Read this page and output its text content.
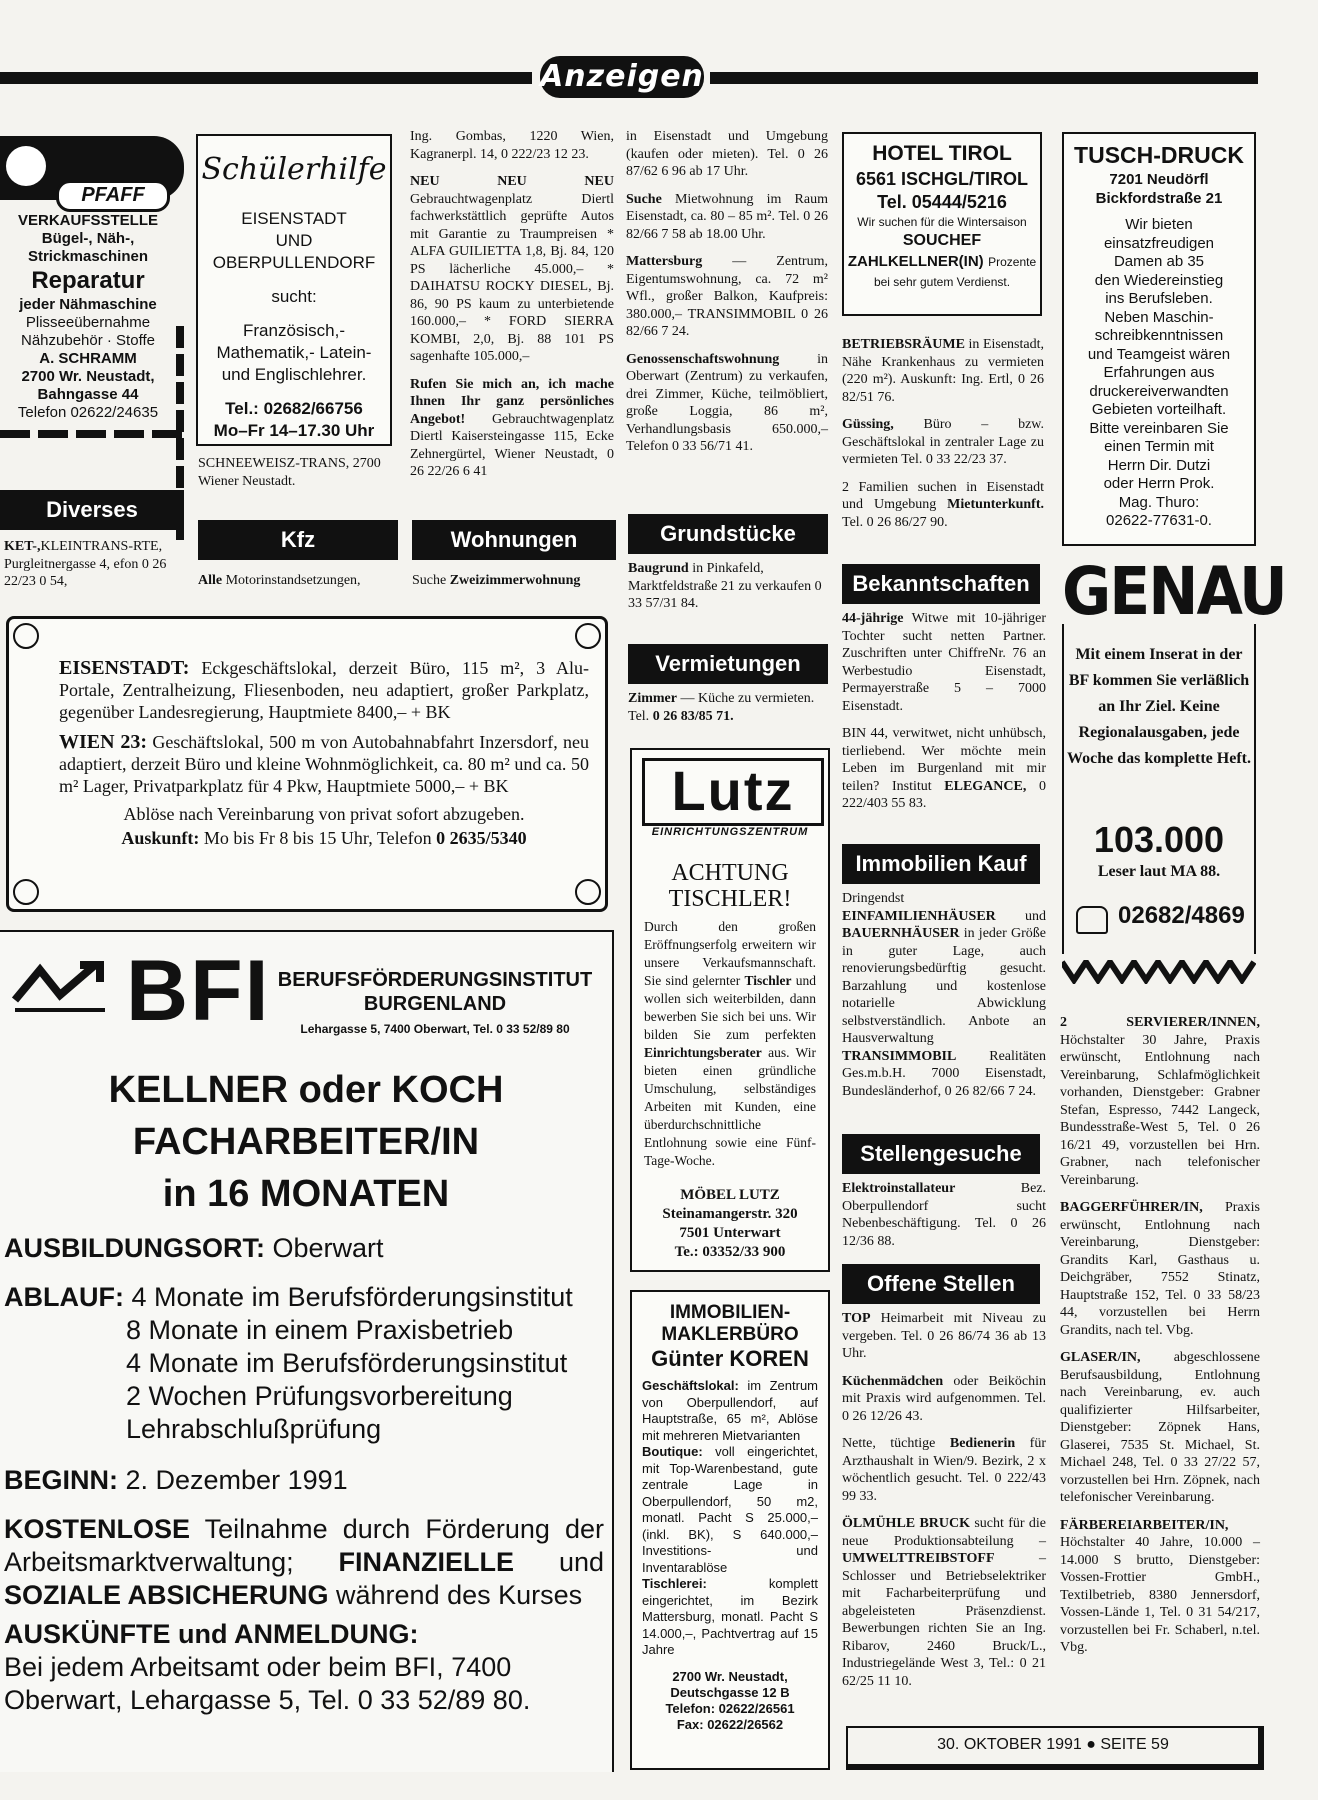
Anzeigen
PFAFF
VERKAUFSSTELLE
Bügel-, Näh-,
Strickmaschinen
Reparatur
jeder Nähmaschine
Plisseeübernahme
Nähzubehör · Stoffe
A. SCHRAMM
2700 Wr. Neustadt,
Bahngasse 44
Telefon 02622/24635
Schülerhilfe
EISENSTADT
UND
OBERPULLENDORF
sucht:
Französisch,-
Mathematik,- Latein-
und Englischlehrer.
Tel.: 02682/66756
Mo–Fr 14–17.30 Uhr
SCHNEEWEISZ-TRANS, 2700 Wiener Neustadt.

Ing. Gombas, 1220 Wien, Kagranerpl. 14, 0 222/23 12 23.

NEU NEU NEU Gebrauchtwagenplatz Diertl fachwerkstättlich geprüfte Autos mit Garantie zu Traumpreisen * ALFA GUILIETTA 1,8, Bj. 84, 120 PS lächerliche 45.000,– * DAIHATSU ROCKY DIESEL, Bj. 86, 90 PS kaum zu unterbietende 160.000,– * FORD SIERRA KOMBI, 2,0, Bj. 88 101 PS sagenhafte 105.000,–

Rufen Sie mich an, ich mache Ihnen Ihr ganz persönliches Angebot! Gebrauchtwagenplatz Diertl Kaisersteingasse 115, Ecke Zehnergürtel, Wiener Neustadt, 0 26 22/26 6 41

in Eisenstadt und Umgebung (kaufen oder mieten). Tel. 0 26 87/62 6 96 ab 17 Uhr.

Suche Mietwohnung im Raum Eisenstadt, ca. 80 – 85 m². Tel. 0 26 82/66 7 58 ab 18.00 Uhr.

Mattersburg — Zentrum, Eigentumswohnung, ca. 72 m² Wfl., großer Balkon, Kaufpreis: 380.000,– TRANSIMMOBIL 0 26 82/66 7 24.

Genossenschaftswohnung in Oberwart (Zentrum) zu verkaufen, drei Zimmer, Küche, teilmöbliert, große Loggia, 86 m², Verhandlungsbasis 650.000,– Telefon 0 33 56/71 41.

HOTEL TIROL
6561 ISCHGL/TIROL
Tel. 05444/5216
Wir suchen für die Wintersaison
SOUCHEF
ZAHLKELLNER(IN) Prozente bei sehr gutem Verdienst.

BETRIEBSRÄUME in Eisenstadt, Nähe Krankenhaus zu vermieten (220 m²). Auskunft: Ing. Ertl, 0 26 82/51 76.

Güssing, Büro – bzw. Geschäftslokal in zentraler Lage zu vermieten Tel. 0 33 22/23 37.

2 Familien suchen in Eisenstadt und Umgebung Mietunterkunft. Tel. 0 26 86/27 90.

TUSCH-DRUCK
7201 Neudörfl
Bickfordstraße 21
Wir bieten
einsatzfreudigen
Damen ab 35
den Wiedereinstieg
ins Berufsleben.
Neben Maschin-
schreibkenntnissen
und Teamgeist wären
Erfahrungen aus
druckereiverwandten
Gebieten vorteilhaft.
Bitte vereinbaren Sie
einen Termin mit
Herrn Dir. Dutzi
oder Herrn Prok.
Mag. Thuro:
02622-77631-0.
Diverses
KET-,KLEINTRANS-RTE, Purgleitnergasse 4, efon 0 26 22/23 0 54,
Kfz
Alle Motorinstandsetzungen,
Wohnungen
Suche Zweizimmerwohnung
Grundstücke
Baugrund in Pinkafeld, Marktfeldstraße 21 zu verkaufen 0 33 57/31 84.
Vermietungen
Zimmer — Küche zu vermieten. Tel. 0 26 83/85 71.
Bekanntschaften

44-jährige Witwe mit 10-jähriger Tochter sucht netten Partner. Zuschriften unter ChiffreNr. 76 an Werbestudio Eisenstadt, Permayerstraße 5 – 7000 Eisenstadt.

BIN 44, verwitwet, nicht unhübsch, tierliebend. Wer möchte mein Leben im Burgenland mit mir teilen? Institut ELEGANCE, 0 222/403 55 83.

GENAU
Mit einem Inserat in der BF kommen Sie verläßlich an Ihr Ziel. Keine Regionalausgaben, jede Woche das komplette Heft.
103.000
Leser laut MA 88.
02682/4869
EISENSTADT: Eckgeschäftslokal, derzeit Büro, 115 m², 3 Alu-Portale, Zentralheizung, Fliesenboden, neu adaptiert, großer Parkplatz, gegenüber Landesregierung, Hauptmiete 8400,– + BK
WIEN 23: Geschäftslokal, 500 m von Autobahnabfahrt Inzersdorf, neu adaptiert, derzeit Büro und kleine Wohnmöglichkeit, ca. 80 m² und ca. 50 m² Lager, Privatparkplatz für 4 Pkw, Hauptmiete 5000,– + BK
Ablöse nach Vereinbarung von privat sofort abzugeben.
Auskunft: Mo bis Fr 8 bis 15 Uhr, Telefon 0 2635/5340
BFI BERUFSFÖRDERUNGSINSTITUT
BURGENLAND
Lehargasse 5, 7400 Oberwart, Tel. 0 33 52/89 80
KELLNER oder KOCH
FACHARBEITER/IN
in 16 MONATEN
AUSBILDUNGSORT: Oberwart
ABLAUF: 4 Monate im Berufsförderungsinstitut
8 Monate in einem Praxisbetrieb
4 Monate im Berufsförderungsinstitut
2 Wochen Prüfungsvorbereitung
Lehrabschlußprüfung
BEGINN: 2. Dezember 1991
KOSTENLOSE Teilnahme durch Förderung der Arbeitsmarktverwaltung; FINANZIELLE und SOZIALE ABSICHERUNG während des Kurses
AUSKÜNFTE und ANMELDUNG:
Bei jedem Arbeitsamt oder beim BFI, 7400 Oberwart, Lehargasse 5, Tel. 0 33 52/89 80.
Lutz
EINRICHTUNGSZENTRUM
ACHTUNG
TISCHLER!
Durch den großen Eröffnungserfolg erweitern wir unsere Verkaufsmannschaft. Sie sind gelernter Tischler und wollen sich weiterbilden, dann bewerben Sie sich bei uns. Wir bilden Sie zum perfekten Einrichtungsberater aus. Wir bieten einen gründliche Umschulung, selbständiges Arbeiten mit Kunden, eine überdurchschnittliche Entlohnung sowie eine Fünf-Tage-Woche.
MÖBEL LUTZ
Steinamangerstr. 320
7501 Unterwart
Te.: 03352/33 900
IMMOBILIEN-
MAKLERBÜRO
Günter KOREN
Geschäftslokal: im Zentrum von Oberpullendorf, auf Hauptstraße, 65 m², Ablöse mit mehreren Mietvarianten
Boutique: voll eingerichtet, mit Top-Warenbestand, gute zentrale Lage in Oberpullendorf, 50 m2, monatl. Pacht S 25.000,– (inkl. BK), S 640.000,– Investitions- und Inventarablöse
Tischlerei: komplett eingerichtet, im Bezirk Mattersburg, monatl. Pacht S 14.000,–, Pachtvertrag auf 15 Jahre
2700 Wr. Neustadt,
Deutschgasse 12 B
Telefon: 02622/26561
Fax: 02622/26562
Immobilien Kauf
Dringendst EINFAMILIENHÄUSER und BAUERNHÄUSER in jeder Größe in guter Lage, auch renovierungsbedürftig gesucht. Barzahlung und kostenlose notarielle Abwicklung selbstverständlich. Anbote an Hausverwaltung TRANSIMMOBIL Realitäten Ges.m.b.H. 7000 Eisenstadt, Bundesländerhof, 0 26 82/66 7 24.
Stellengesuche
Elektroinstallateur Bez. Oberpullendorf sucht Nebenbeschäftigung. Tel. 0 26 12/36 88.
Offene Stellen

TOP Heimarbeit mit Niveau zu vergeben. Tel. 0 26 86/74 36 ab 13 Uhr.

Küchenmädchen oder Beiköchin mit Praxis wird aufgenommen. Tel. 0 26 12/26 43.

Nette, tüchtige Bedienerin für Arzthaushalt in Wien/9. Bezirk, 2 x wöchentlich gesucht. Tel. 0 222/43 99 33.

ÖLMÜHLE BRUCK sucht für die neue Produktionsabteilung – UMWELTTREIBSTOFF – Schlosser und Betriebselektriker mit Facharbeiterprüfung und abgeleisteten Präsenzdienst. Bewerbungen richten Sie an Ing. Ribarov, 2460 Bruck/L., Industriegelände West 3, Tel.: 0 21 62/25 11 10.

2 SERVIERER/INNEN, Höchstalter 30 Jahre, Praxis erwünscht, Entlohnung nach Vereinbarung, Schlafmöglichkeit vorhanden, Dienstgeber: Grabner Stefan, Espresso, 7442 Langeck, Bundesstraße-West 5, Tel. 0 26 16/21 49, vorzustellen bei Hrn. Grabner, nach telefonischer Vereinbarung.

BAGGERFÜHRER/IN, Praxis erwünscht, Entlohnung nach Vereinbarung, Dienstgeber: Grandits Karl, Gasthaus u. Deichgräber, 7552 Stinatz, Hauptstraße 152, Tel. 0 33 58/23 44, vorzustellen bei Herrn Grandits, nach tel. Vbg.

GLASER/IN, abgeschlossene Berufsausbildung, Entlohnung nach Vereinbarung, ev. auch qualifizierter Hilfsarbeiter, Dienstgeber: Zöpnek Hans, Glaserei, 7535 St. Michael, St. Michael 248, Tel. 0 33 27/22 57, vorzustellen bei Hrn. Zöpnek, nach telefonischer Vereinbarung.

FÄRBEREIARBEITER/IN, Höchstalter 40 Jahre, 10.000 – 14.000 S brutto, Dienstgeber: Vossen-Frottier GmbH., Textilbetrieb, 8380 Jennersdorf, Vossen-Lände 1, Tel. 0 31 54/217, vorzustellen bei Fr. Schaberl, n.tel. Vbg.

30. OKTOBER 1991 ● SEITE 59
